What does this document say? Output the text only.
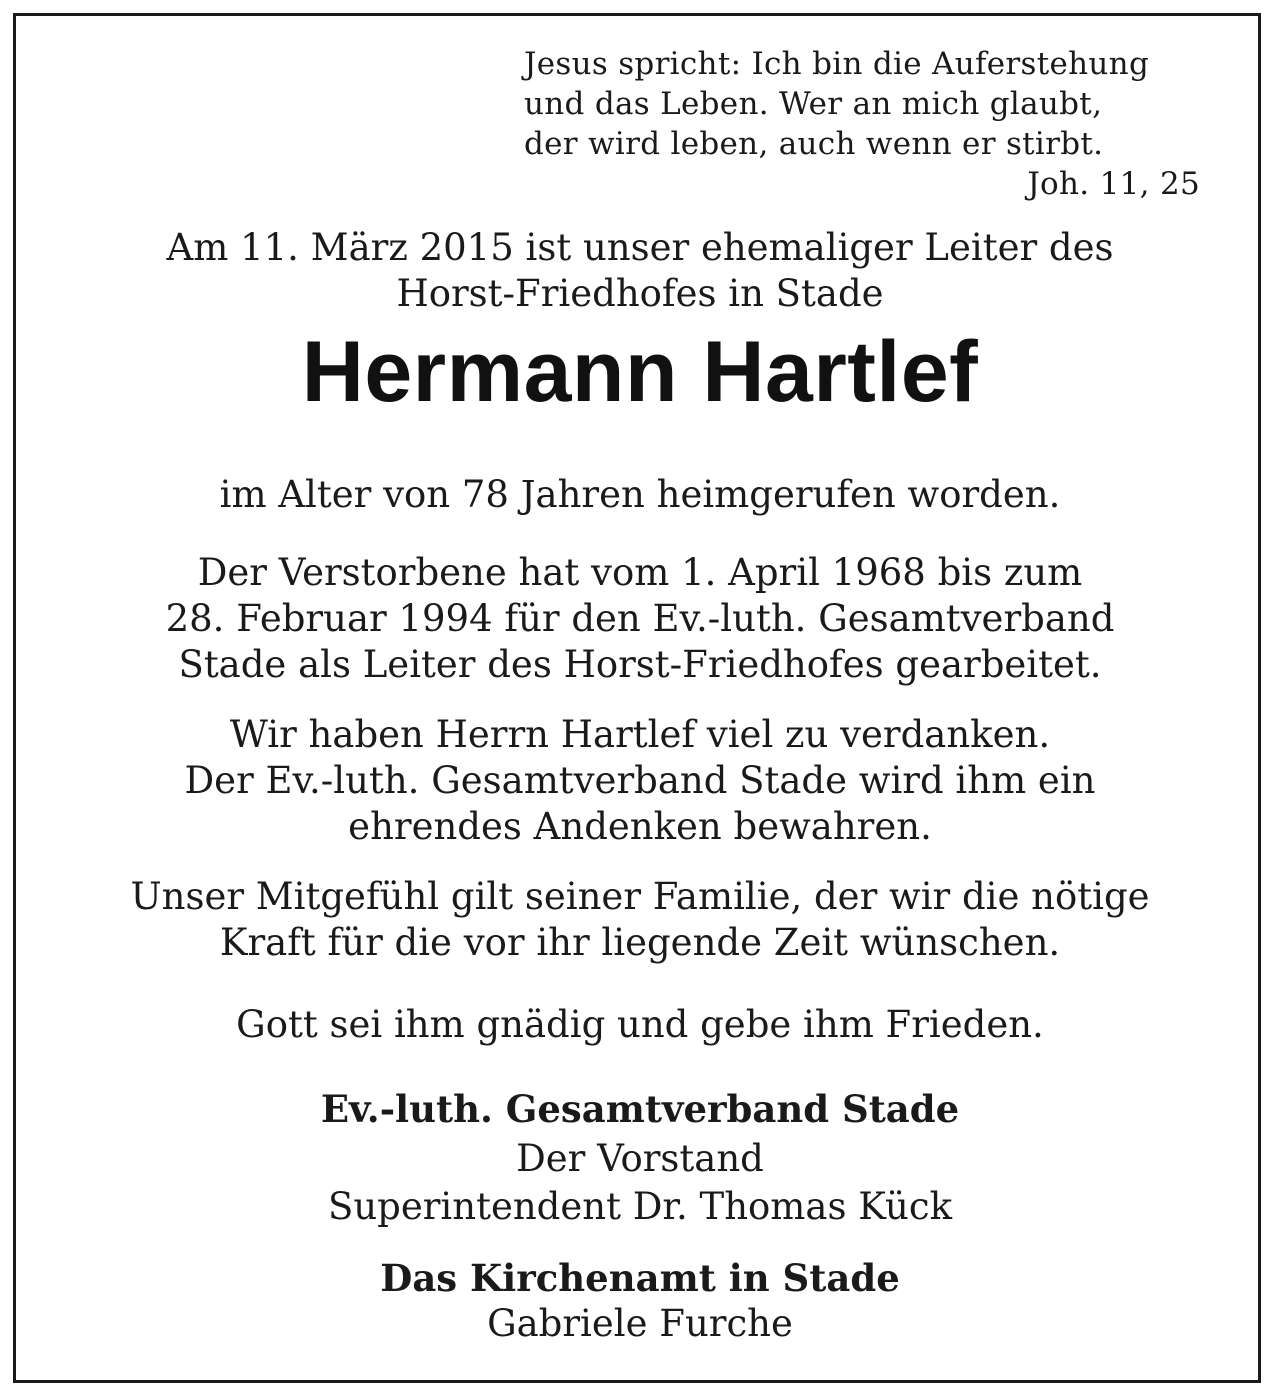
Jesus spricht: Ich bin die Auferstehung
und das Leben. Wer an mich glaubt,
der wird leben, auch wenn er stirbt.
Joh. 11, 25
Am 11. März 2015 ist unser ehemaliger Leiter des
Horst-Friedhofes in Stade
Hermann Hartlef
im Alter von 78 Jahren heimgerufen worden.
Der Verstorbene hat vom 1. April 1968 bis zum
28. Februar 1994 für den Ev.-luth. Gesamtverband
Stade als Leiter des Horst-Friedhofes gearbeitet.
Wir haben Herrn Hartlef viel zu verdanken.
Der Ev.-luth. Gesamtverband Stade wird ihm ein
ehrendes Andenken bewahren.
Unser Mitgefühl gilt seiner Familie, der wir die nötige
Kraft für die vor ihr liegende Zeit wünschen.
Gott sei ihm gnädig und gebe ihm Frieden.
Ev.-luth. Gesamtverband Stade
Der Vorstand
Superintendent Dr. Thomas Kück
Das Kirchenamt in Stade
Gabriele Furche
